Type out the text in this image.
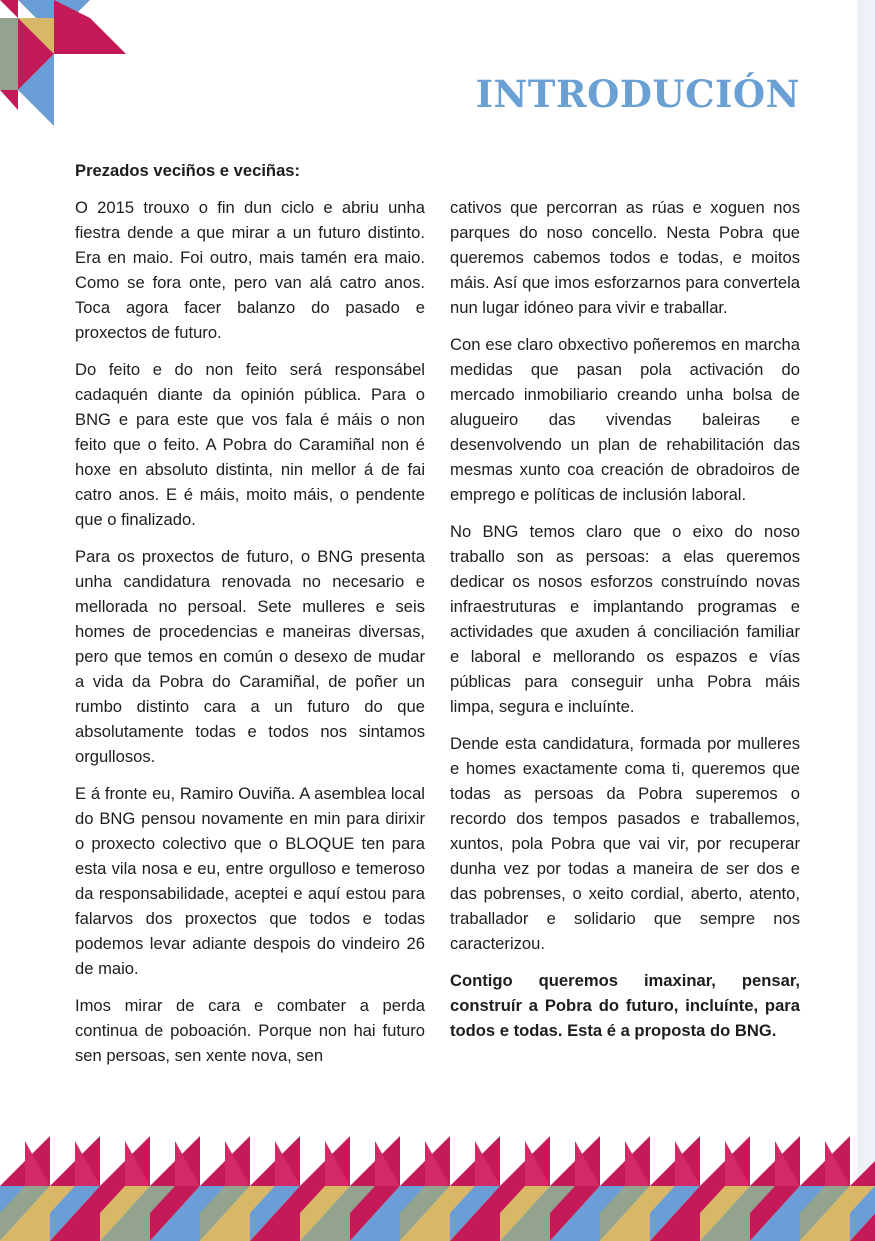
INTRODUCIÓN

Prezados veciños e veciñas:

O 2015 trouxo o fin dun ciclo e abriu unha fiestra dende a que mirar a un futuro distinto. Era en maio. Foi outro, mais tamén era maio. Como se fora onte, pero van alá catro anos. Toca agora facer balanzo do pasado e proxectos de futuro.

Do feito e do non feito será responsábel cadaquén diante da opinión pública. Para o BNG e para este que vos fala é máis o non feito que o feito. A Pobra do Caramiñal non é hoxe en absoluto distinta, nin mellor á de fai catro anos. E é máis, moito máis, o pendente que o finalizado.

Para os proxectos de futuro, o BNG presenta unha candidatura renovada no necesario e mellorada no persoal. Sete mulleres e seis homes de procedencias e maneiras diversas, pero que temos en común o desexo de mudar a vida da Pobra do Caramiñal, de poñer un rumbo distinto cara a un futuro do que absolutamente todas e todos nos sintamos orgullosos.

E á fronte eu, Ramiro Ouviña. A asemblea local do BNG pensou novamente en min para dirixir o proxecto colectivo que o BLOQUE ten para esta vila nosa e eu, entre orgulloso e temeroso da responsabilidade, aceptei e aquí estou para falarvos dos proxectos que todos e todas podemos levar adiante despois do vindeiro 26 de maio.

Imos mirar de cara e combater a perda continua de poboación. Porque non hai futuro sen persoas, sen xente nova, sen

cativos que percorran as rúas e xoguen nos parques do noso concello. Nesta Pobra que queremos cabemos todos e todas, e moitos máis. Así que imos esforzarnos para convertela nun lugar idóneo para vivir e traballar.

Con ese claro obxectivo poñeremos en marcha medidas que pasan pola activación do mercado inmobiliario creando unha bolsa de alugueiro das vivendas baleiras e desenvolvendo un plan de rehabilitación das mesmas xunto coa creación de obradoiros de emprego e políticas de inclusión laboral.

No BNG temos claro que o eixo do noso traballo son as persoas: a elas queremos dedicar os nosos esforzos construíndo novas infraestruturas e implantando programas e actividades que axuden á conciliación familiar e laboral e mellorando os espazos e vías públicas para conseguir unha Pobra máis limpa, segura e incluínte.

Dende esta candidatura, formada por mulleres e homes exactamente coma ti, queremos que todas as persoas da Pobra superemos o recordo dos tempos pasados e traballemos, xuntos, pola Pobra que vai vir, por recuperar dunha vez por todas a maneira de ser dos e das pobrenses, o xeito cordial, aberto, atento, traballador e solidario que sempre nos caracterizou.

Contigo queremos imaxinar, pensar, construír a Pobra do futuro, incluínte, para todos e todas. Esta é a proposta do BNG.
